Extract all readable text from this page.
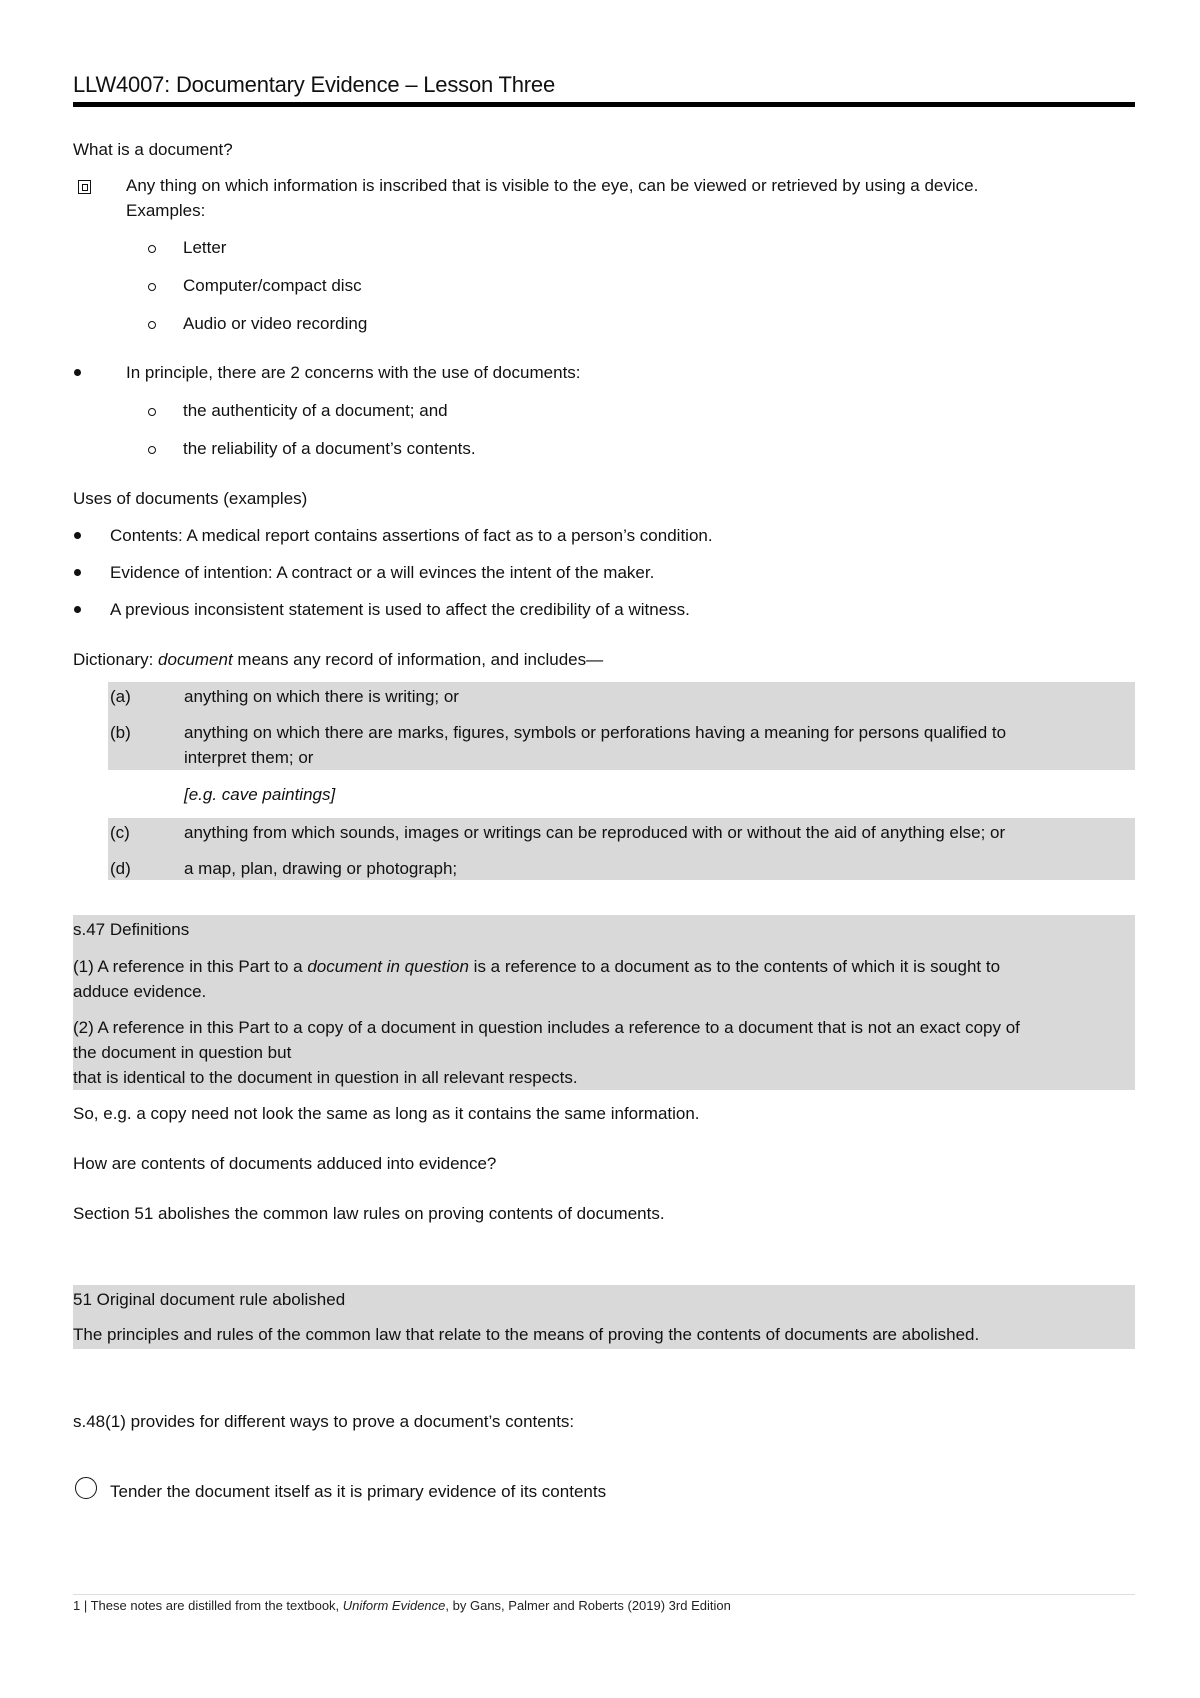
LLW4007: Documentary Evidence – Lesson Three
What is a document?
Any thing on which information is inscribed that is visible to the eye, can be viewed or retrieved by using a device.
Examples:
Letter
Computer/compact disc
Audio or video recording
In principle, there are 2 concerns with the use of documents:
the authenticity of a document; and
the reliability of a document’s contents.
Uses of documents (examples)
Contents: A medical report contains assertions of fact as to a person’s condition.
Evidence of intention: A contract or a will evinces the intent of the maker.
A previous inconsistent statement is used to affect the credibility of a witness.
Dictionary: document means any record of information, and includes—
(a)	anything on which there is writing; or
(b)	anything on which there are marks, figures, symbols or perforations having a meaning for persons qualified to
interpret them; or
[e.g. cave paintings]
(c)	anything from which sounds, images or writings can be reproduced with or without the aid of anything else; or
(d)	a map, plan, drawing or photograph;
s.47 Definitions
(1) A reference in this Part to a document in question is a reference to a document as to the contents of which it is sought to
adduce evidence.
(2) A reference in this Part to a copy of a document in question includes a reference to a document that is not an exact copy of
the document in question but
that is identical to the document in question in all relevant respects.
So, e.g. a copy need not look the same as long as it contains the same information.
How are contents of documents adduced into evidence?
Section 51 abolishes the common law rules on proving contents of documents.
51 Original document rule abolished
The principles and rules of the common law that relate to the means of proving the contents of documents are abolished.
s.48(1) provides for different ways to prove a document’s contents:
Tender the document itself as it is primary evidence of its contents
1 | These notes are distilled from the textbook, Uniform Evidence, by Gans, Palmer and Roberts (2019) 3rd Edition
